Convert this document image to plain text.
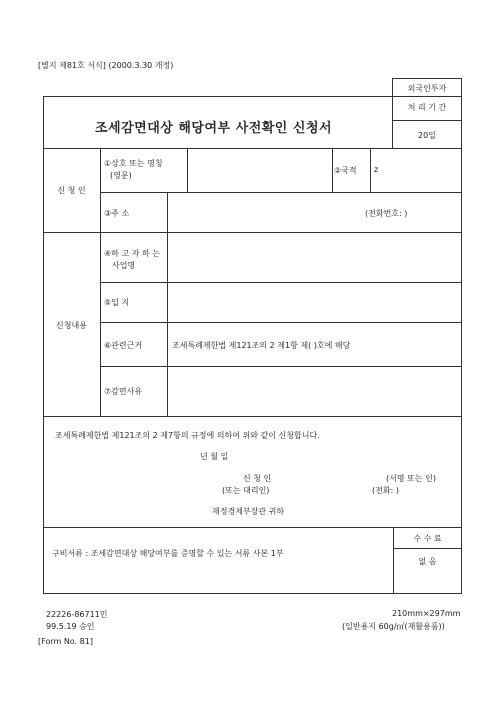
[별지 제81호 서식] (2000.3.30 개정)
외국인투자
조세감면대상 해당여부 사전확인 신청서
처 리 기 간
20일
신 청 인
①상호 또는 명칭
(영문)
②국적 z
③주 소	(전화번호: )
신청내용
④하 고 자 하 는
사업명
⑤입 지
⑥관련근거	조세특례제한법 제121조의 2 제1항 제( )호에 해당
⑦감면사유
조세특례제한법 제121조의 2 제7항의 규정에 의하여 위와 같이 신청합니다.
년 월 일
신 청 인	(서명 또는 인)
(또는 대리인)	(전화: )
재정경제부장관 귀하
구비서류 : 조세감면대상 해당여부를 증명할 수 있는 서류 사본 1부
수 수 료
없 음
22226-86711민
99.5.19 승인
210mm×297mm
(일반용지 60g/㎡(재활용품))
[Form No. 81]
